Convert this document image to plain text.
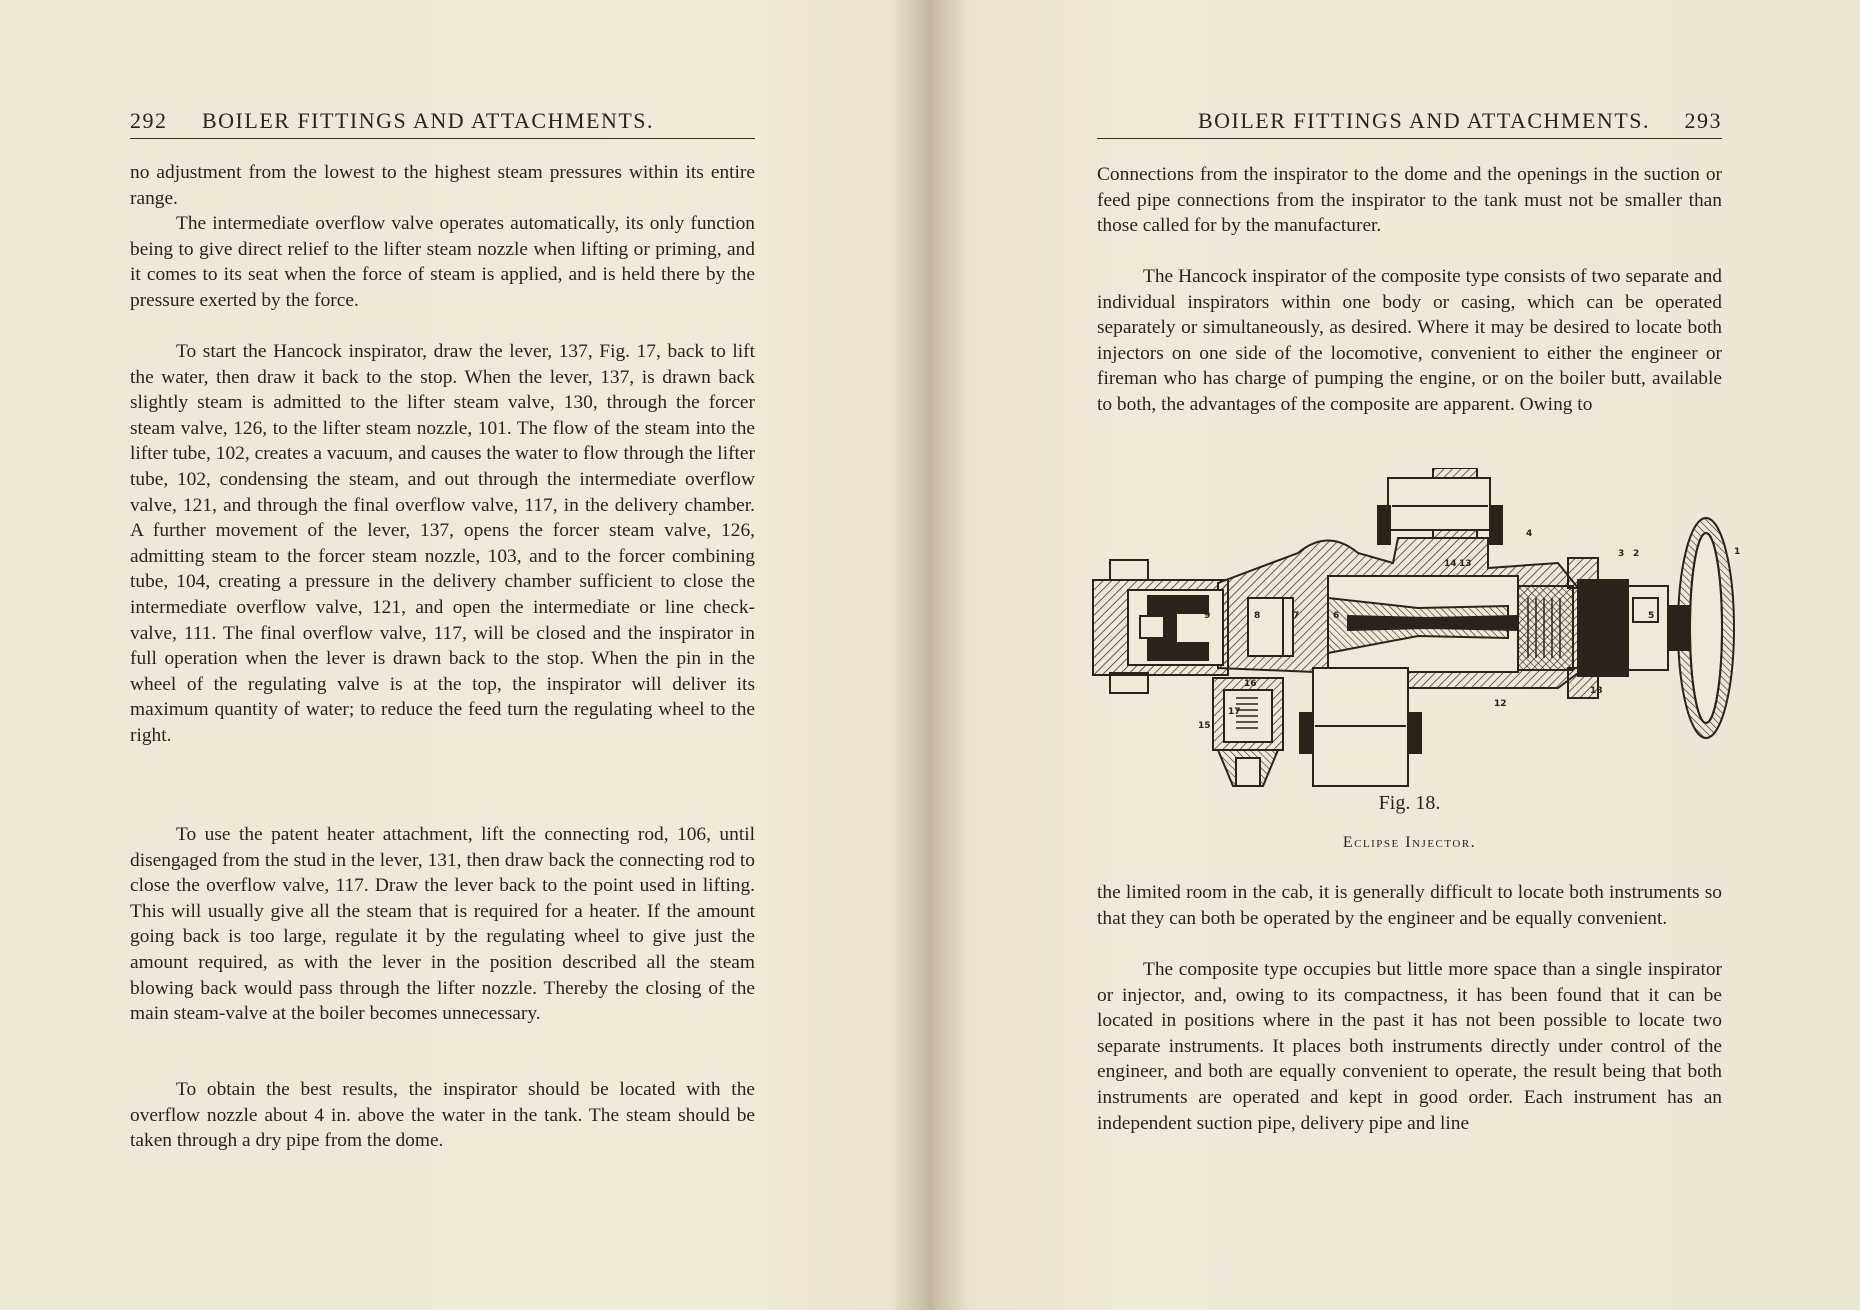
292 BOILER FITTINGS AND ATTACHMENTS.

no adjustment from the lowest to the highest steam pressures within its entire range.

The intermediate overflow valve operates automatically, its only function being to give direct relief to the lifter steam nozzle when lifting or priming, and it comes to its seat when the force of steam is applied, and is held there by the pressure exerted by the force.

To start the Hancock inspirator, draw the lever, 137, Fig. 17, back to lift the water, then draw it back to the stop. When the lever, 137, is drawn back slightly steam is admitted to the lifter steam valve, 130, through the forcer steam valve, 126, to the lifter steam nozzle, 101. The flow of the steam into the lifter tube, 102, creates a vacuum, and causes the water to flow through the lifter tube, 102, condensing the steam, and out through the intermediate overflow valve, 121, and through the final overflow valve, 117, in the delivery chamber. A further movement of the lever, 137, opens the forcer steam valve, 126, admitting steam to the forcer steam nozzle, 103, and to the forcer combining tube, 104, creating a pressure in the delivery chamber sufficient to close the intermediate overflow valve, 121, and open the intermediate or line check-valve, 111. The final overflow valve, 117, will be closed and the inspirator in full operation when the lever is drawn back to the stop. When the pin in the wheel of the regulating valve is at the top, the inspirator will deliver its maximum quantity of water; to reduce the feed turn the regulating wheel to the right.

To use the patent heater attachment, lift the connecting rod, 106, until disengaged from the stud in the lever, 131, then draw back the connecting rod to close the overflow valve, 117. Draw the lever back to the point used in lifting. This will usually give all the steam that is required for a heater. If the amount going back is too large, regulate it by the regulating wheel to give just the amount required, as with the lever in the position described all the steam blowing back would pass through the lifter nozzle. Thereby the closing of the main steam-valve at the boiler becomes unnecessary.

To obtain the best results, the inspirator should be located with the overflow nozzle about 4 in. above the water in the tank. The steam should be taken through a dry pipe from the dome.

BOILER FITTINGS AND ATTACHMENTS. 293

Connections from the inspirator to the dome and the openings in the suction or feed pipe connections from the inspirator to the tank must not be smaller than those called for by the manufacturer.

The Hancock inspirator of the composite type consists of two separate and individual inspirators within one body or casing, which can be operated separately or simultaneously, as desired. Where it may be desired to locate both injectors on one side of the locomotive, convenient to either the engineer or fireman who has charge of pumping the engine, or on the boiler butt, available to both, the advantages of the composite are apparent. Owing to

Fig. 18.
Eclipse Injector.

the limited room in the cab, it is generally difficult to locate both instruments so that they can both be operated by the engineer and be equally convenient.

The composite type occupies but little more space than a single inspirator or injector, and, owing to its compactness, it has been found that it can be located in positions where in the past it has not been possible to locate two separate instruments. It places both instruments directly under control of the engineer, and both are equally convenient to operate, the result being that both instruments are operated and kept in good order. Each instrument has an independent suction pipe, delivery pipe and line

1
2
3
4
5
6
7
8
9	10
11
12
13
14
15
16
17
18
